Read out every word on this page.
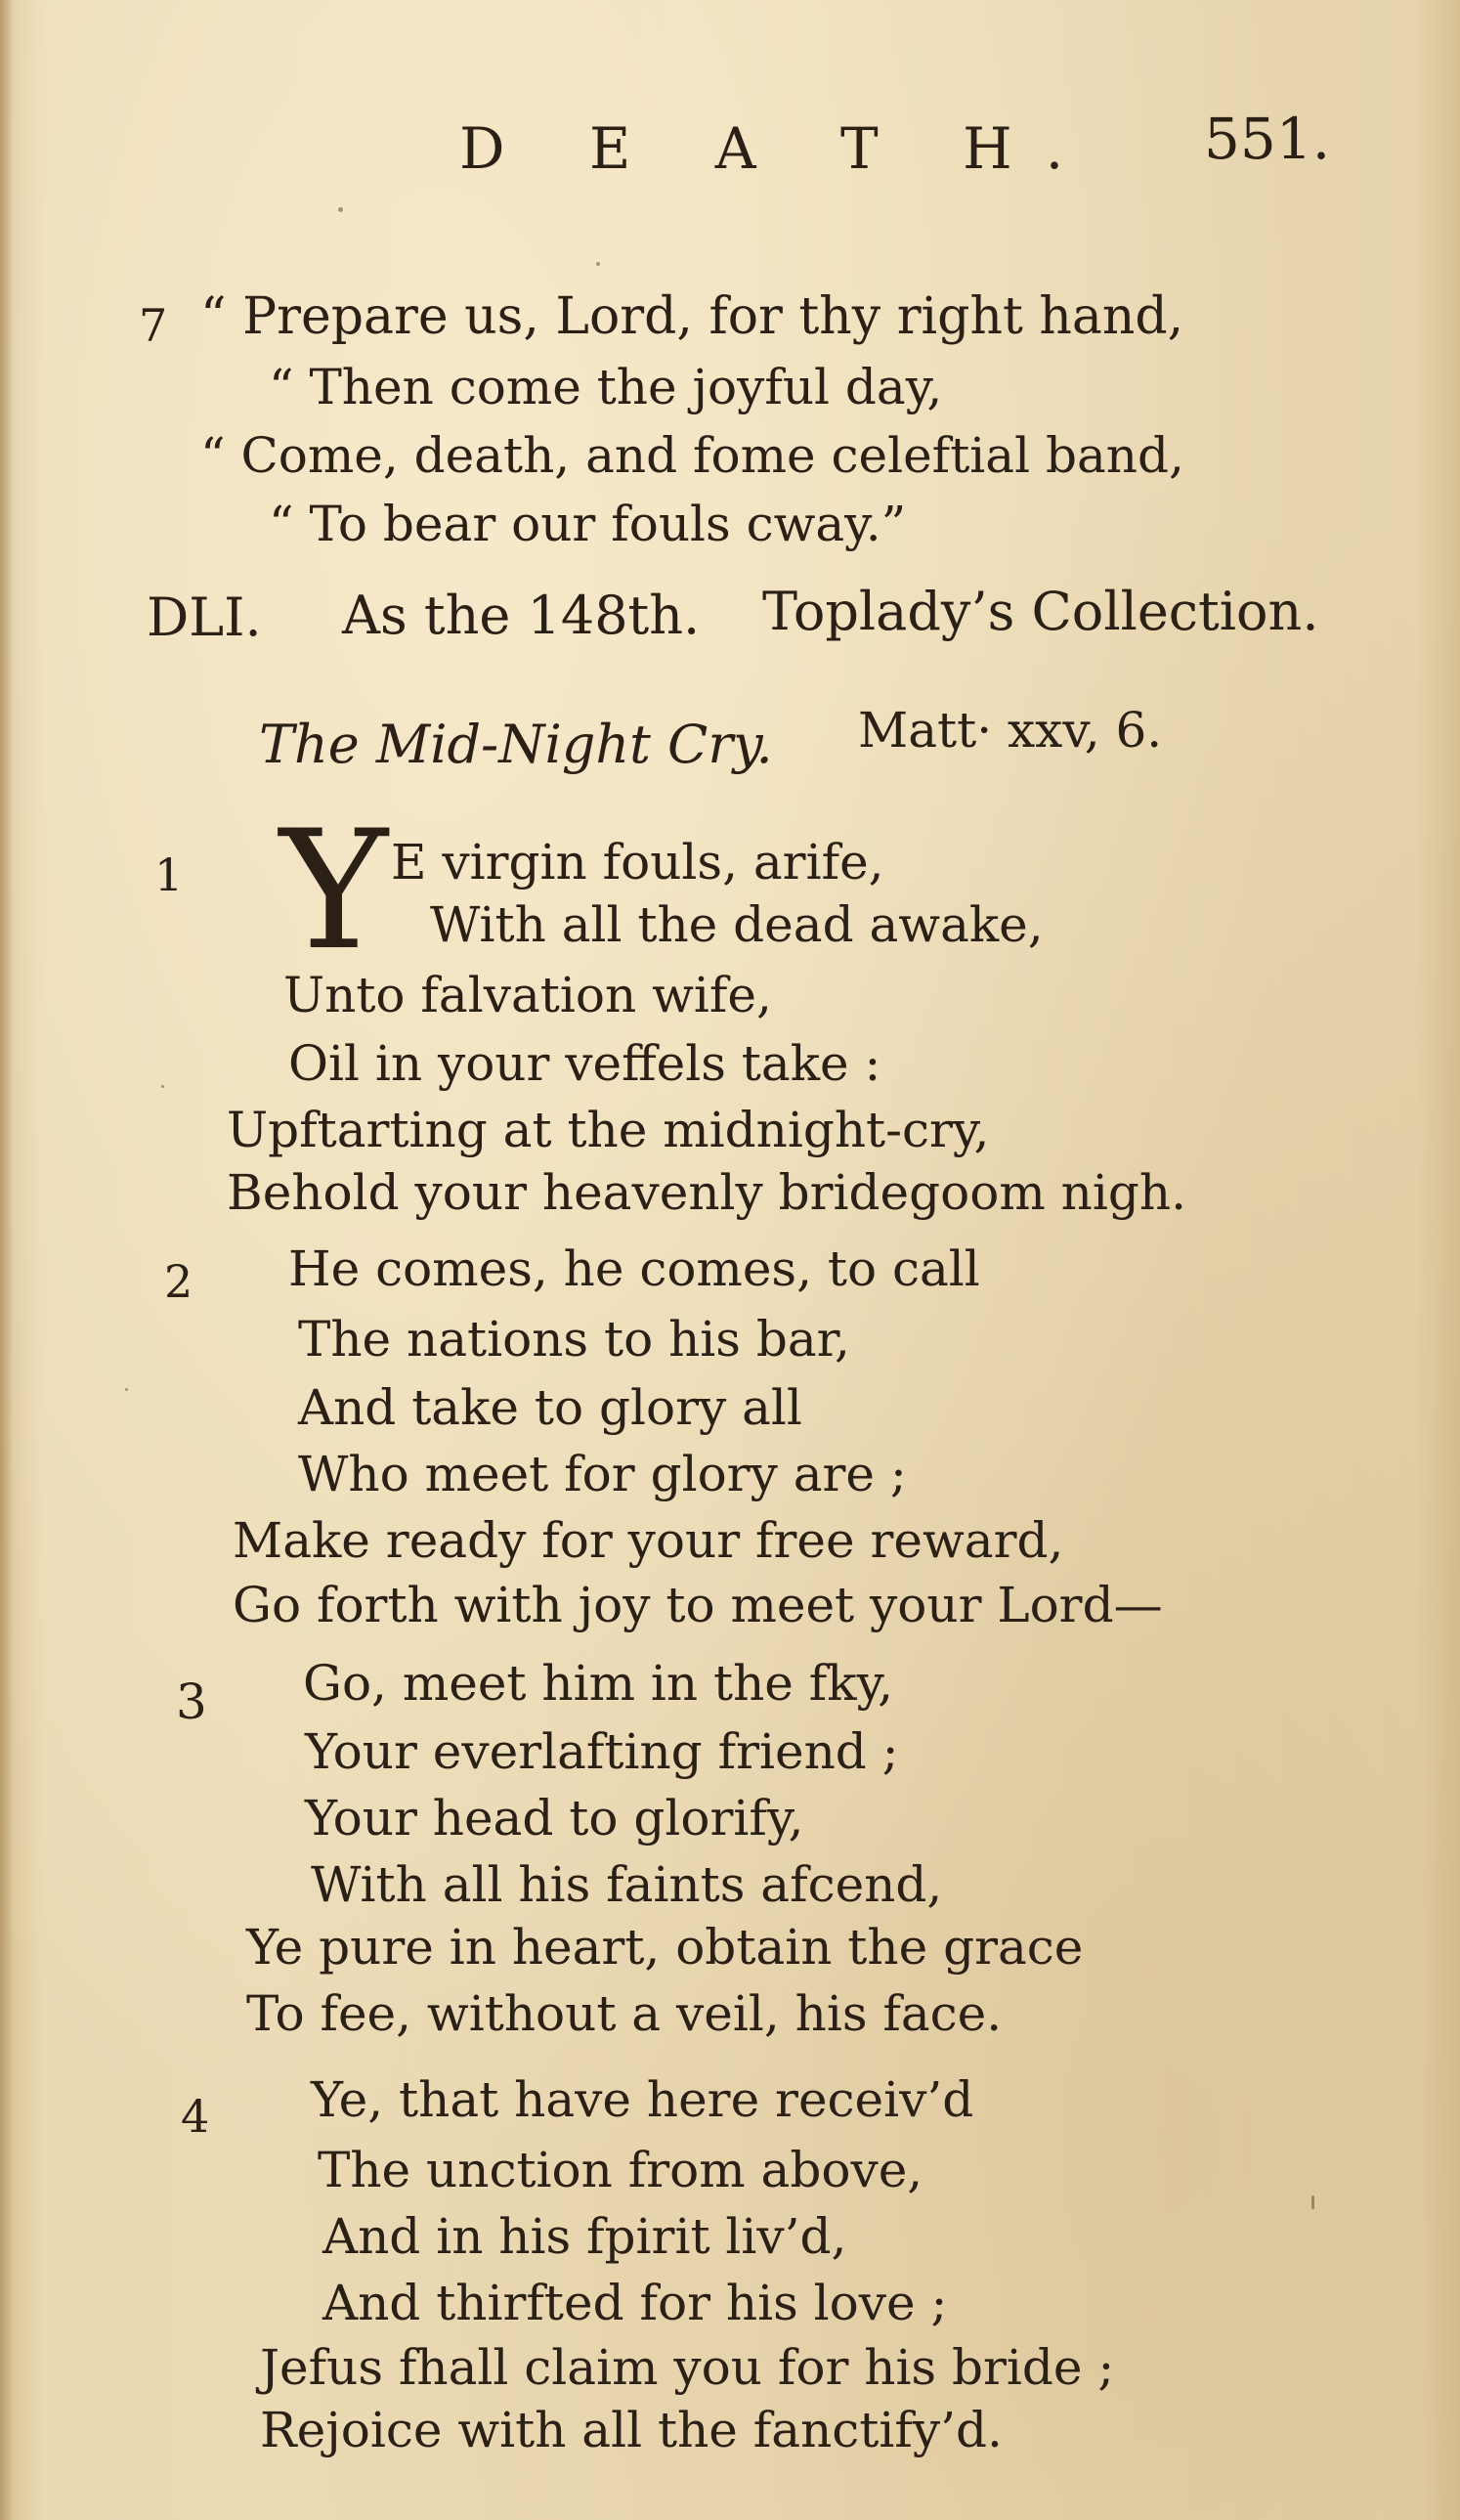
D E A T H. 551.
7 “ Prepare us, Lord, for thy right hand,
“ Then come the joyful day,
“ Come, death, and fome celeftial band,
“ To bear our fouls cway.”
DLI. As the 148th. Toplady’s Collection.
The Mid-Night Cry. Matt· xxv, 6.
1 Y E virgin fouls, arife,
With all the dead awake,
Unto falvation wife,
Oil in your veffels take :
Upftarting at the midnight-cry,
Behold your heavenly bridegoom nigh.
2 He comes, he comes, to call
The nations to his bar,
And take to glory all
Who meet for glory are ;
Make ready for your free reward,
Go forth with joy to meet your Lord—
3 Go, meet him in the fky,
Your everlafting friend ;
Your head to glorify,
With all his faints afcend,
Ye pure in heart, obtain the grace
To fee, without a veil, his face.
4 Ye, that have here receiv’d
The unction from above,
And in his fpirit liv’d,
And thirfted for his love ;
Jefus fhall claim you for his bride ;
Rejoice with all the fanctify’d.
